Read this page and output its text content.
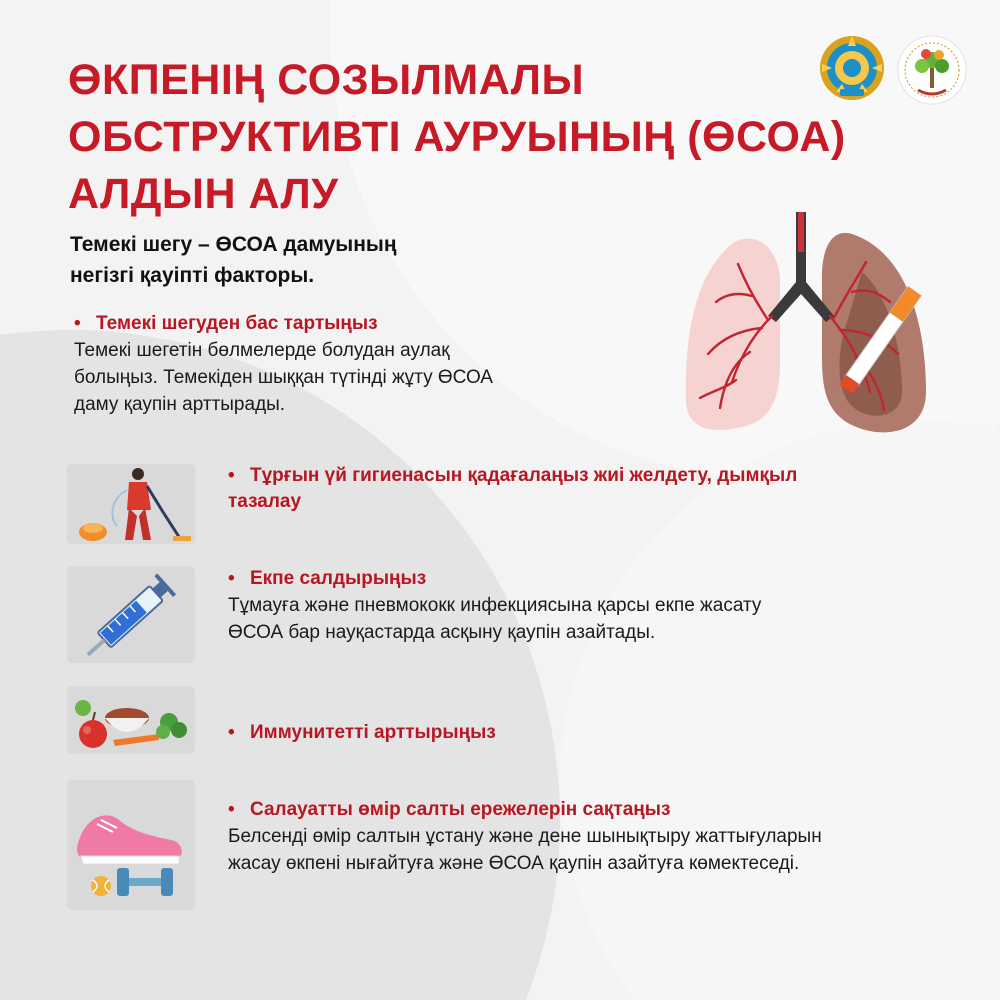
ӨКПЕНІҢ СОЗЫЛМАЛЫ
ОБСТРУКТИВТІ АУРУЫНЫҢ (ӨСОА)
АЛДЫН АЛУ
Темекі шегу – ӨСОА дамуының
негізгі қауіпті факторы.
• Темекі шегуден бас тартыңыз
Темекі шегетін бөлмелерде болудан аулақ
болыңыз. Темекіден шыққан түтінді жұту ӨСОА
даму қаупін арттырады.
• Тұрғын үй гигиенасын қадағалаңыз жиі желдету, дымқыл
тазалау
• Екпе салдырыңыз
Тұмауға және пневмококк инфекциясына қарсы екпе жасату
ӨСОА бар науқастарда асқыну қаупін азайтады.
• Иммунитетті арттырыңыз
• Салауатты өмір салты ережелерін сақтаңыз
Белсенді өмір салтын ұстану және дене шынықтыру жаттығуларын
жасау өкпені нығайтуға және ӨСОА қаупін азайтуға көмектеседі.
